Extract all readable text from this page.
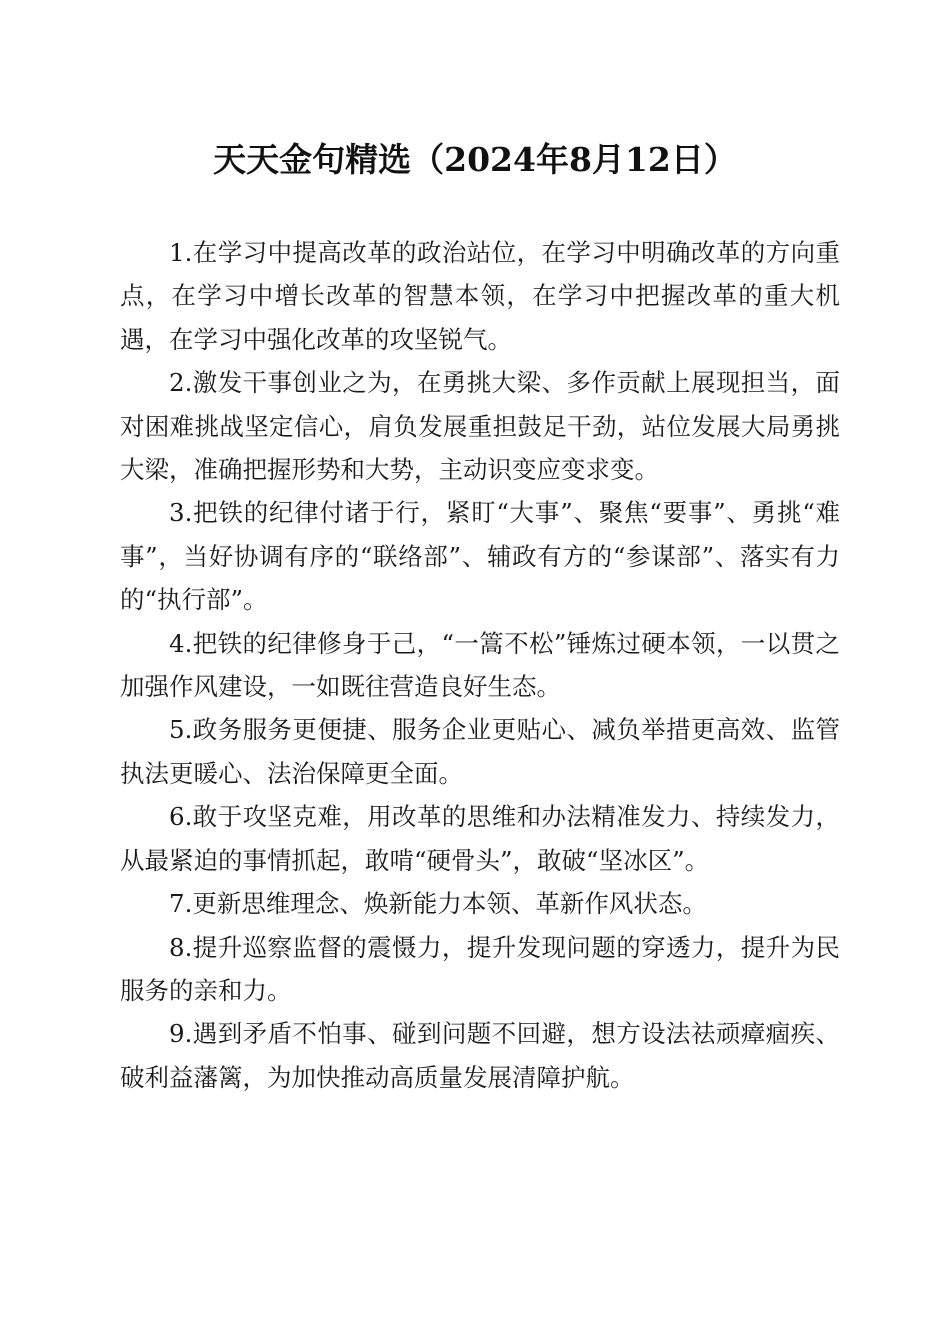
天天金句精选（2024年8月12日）

1.在学习中提高改革的政治站位，在学习中明确改革的方向重点，在学习中增长改革的智慧本领，在学习中把握改革的重大机遇，在学习中强化改革的攻坚锐气。

2.激发干事创业之为，在勇挑大梁、多作贡献上展现担当，面对困难挑战坚定信心，肩负发展重担鼓足干劲，站位发展大局勇挑大梁，准确把握形势和大势，主动识变应变求变。

3.把铁的纪律付诸于行，紧盯“大事”、聚焦“要事”、勇挑“难事”，当好协调有序的“联络部”、辅政有方的“参谋部”、落实有力的“执行部”。

4.把铁的纪律修身于己，“一篙不松”锤炼过硬本领，一以贯之加强作风建设，一如既往营造良好生态。

5.政务服务更便捷、服务企业更贴心、减负举措更高效、监管执法更暖心、法治保障更全面。

6.敢于攻坚克难，用改革的思维和办法精准发力、持续发力，从最紧迫的事情抓起，敢啃“硬骨头”，敢破“坚冰区”。

7.更新思维理念、焕新能力本领、革新作风状态。

8.提升巡察监督的震慑力，提升发现问题的穿透力，提升为民服务的亲和力。

9.遇到矛盾不怕事、碰到问题不回避，想方设法祛顽瘴痼疾、破利益藩篱，为加快推动高质量发展清障护航。
